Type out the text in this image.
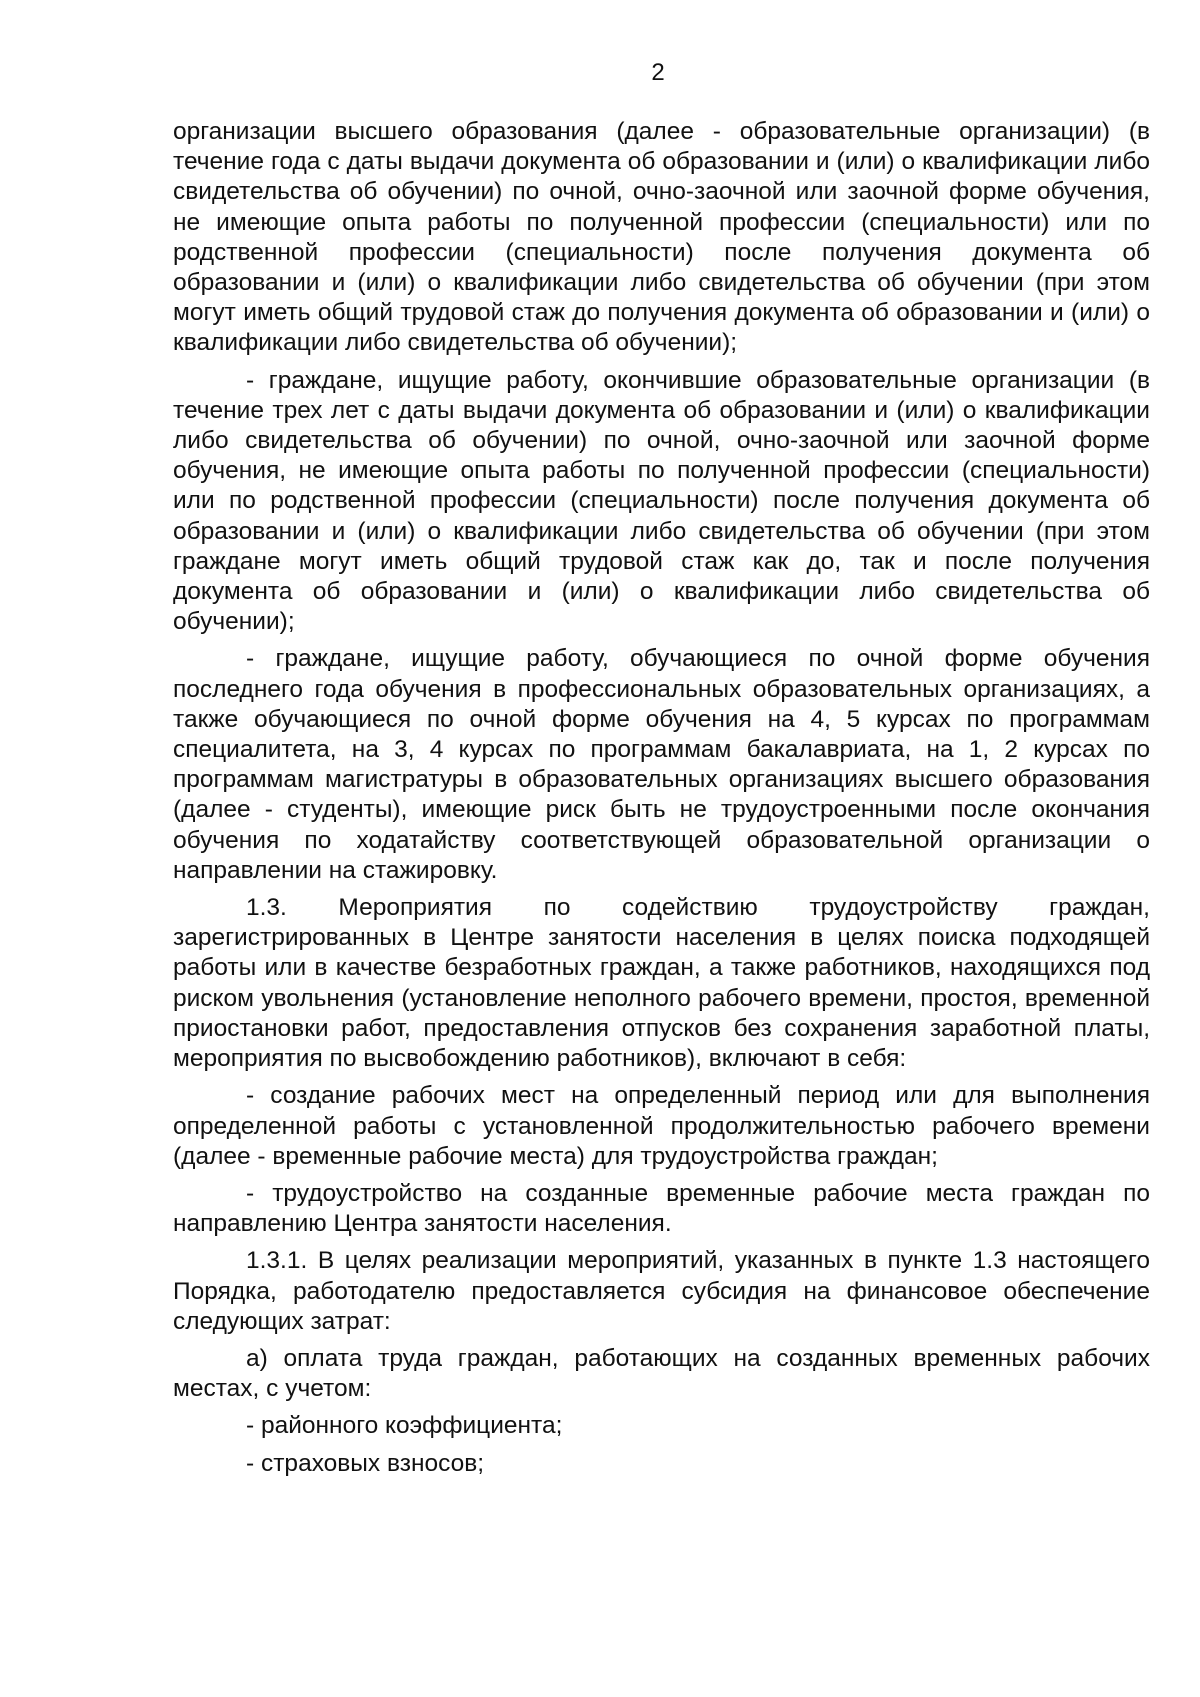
2

организации высшего образования (далее - образовательные организации) (в течение года с даты выдачи документа об образовании и (или) о квалификации либо свидетельства об обучении) по очной, очно-заочной или заочной форме обучения, не имеющие опыта работы по полученной профессии (специальности) или по родственной профессии (специальности) после получения документа об образовании и (или) о квалификации либо свидетельства об обучении (при этом могут иметь общий трудовой стаж до получения документа об образовании и (или) о квалификации либо свидетельства об обучении);

- граждане, ищущие работу, окончившие образовательные организации (в течение трех лет с даты выдачи документа об образовании и (или) о квалификации либо свидетельства об обучении) по очной, очно-заочной или заочной форме обучения, не имеющие опыта работы по полученной профессии (специальности) или по родственной профессии (специальности) после получения документа об образовании и (или) о квалификации либо свидетельства об обучении (при этом граждане могут иметь общий трудовой стаж как до, так и после получения документа об образовании и (или) о квалификации либо свидетельства об обучении);

- граждане, ищущие работу, обучающиеся по очной форме обучения последнего года обучения в профессиональных образовательных организациях, а также обучающиеся по очной форме обучения на 4, 5 курсах по программам специалитета, на 3, 4 курсах по программам бакалавриата, на 1, 2 курсах по программам магистратуры в образовательных организациях высшего образования (далее - студенты), имеющие риск быть не трудоустроенными после окончания обучения по ходатайству соответствующей образовательной организации о направлении на стажировку.

1.3. Мероприятия по содействию трудоустройству граждан, зарегистрированных в Центре занятости населения в целях поиска подходящей работы или в качестве безработных граждан, а также работников, находящихся под риском увольнения (установление неполного рабочего времени, простоя, временной приостановки работ, предоставления отпусков без сохранения заработной платы, мероприятия по высвобождению работников), включают в себя:

- создание рабочих мест на определенный период или для выполнения определенной работы с установленной продолжительностью рабочего времени (далее - временные рабочие места) для трудоустройства граждан;

- трудоустройство на созданные временные рабочие места граждан по направлению Центра занятости населения.

1.3.1. В целях реализации мероприятий, указанных в пункте 1.3 настоящего Порядка, работодателю предоставляется субсидия на финансовое обеспечение следующих затрат:

а) оплата труда граждан, работающих на созданных временных рабочих местах, с учетом:

- районного коэффициента;

- страховых взносов;
